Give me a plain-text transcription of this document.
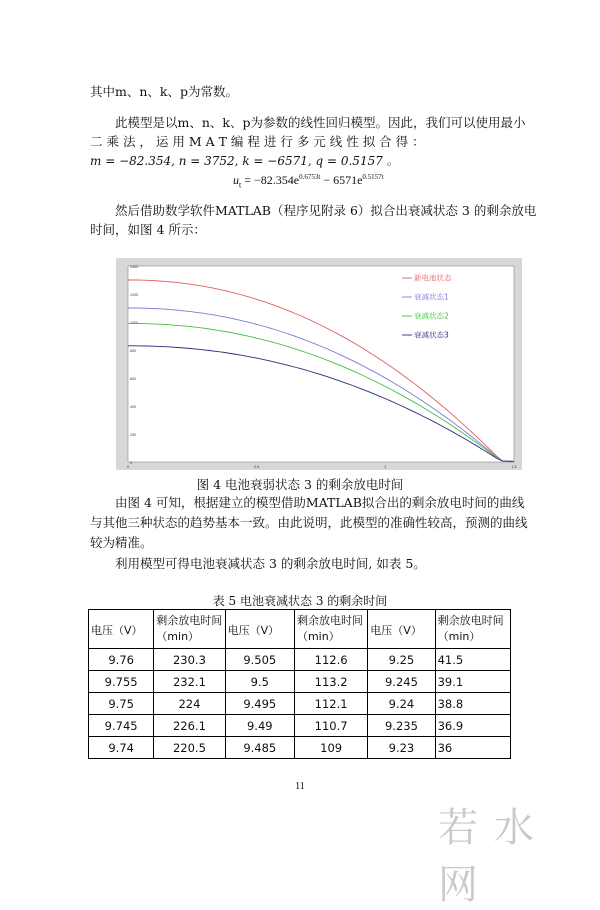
其中m、n、k、p为常数。
此模型是以m、n、k、p为参数的线性回归模型。因此，我们可以使用最小
二 乘 法 ， 运 用 M A T 编 程 进 行 多 元 线 性 拟 合 得 ：
m = −82.354, n = 3752, k = −6571, q = 0.5157 。
$u_t = -82.354e^{0.6753t} - 6571e^{0.5157t}$
然后借助数学软件MATLAB（程序见附录 6）拟合出衰减状态 3 的剩余放电
时间，如图 4 所示：
1400
1200
1000
800
600
400
200
0
0	0.5	1	1.5
新电池状态
衰减状态1
衰减状态2
衰减状态3
图 4 电池衰弱状态 3 的剩余放电时间
由图 4 可知，根据建立的模型借助MATLAB拟合出的剩余放电时间的曲线
与其他三种状态的趋势基本一致。由此说明，此模型的准确性较高，预测的曲线
较为精准。
利用模型可得电池衰减状态 3 的剩余放电时间, 如表 5。
表 5 电池衰减状态 3 的剩余时间
电压（V）	剩余放电时间（min）	电压（V）	剩余放电时间（min）	电压（V）	剩余放电时间（min）
9.76	230.3	9.505	112.6	9.25	41.5
9.755	232.1	9.5	113.2	9.245	39.1
9.75	224	9.495	112.1	9.24	38.8
9.745	226.1	9.49	110.7	9.235	36.9
9.74	220.5	9.485	109	9.23	36
11
若水网
